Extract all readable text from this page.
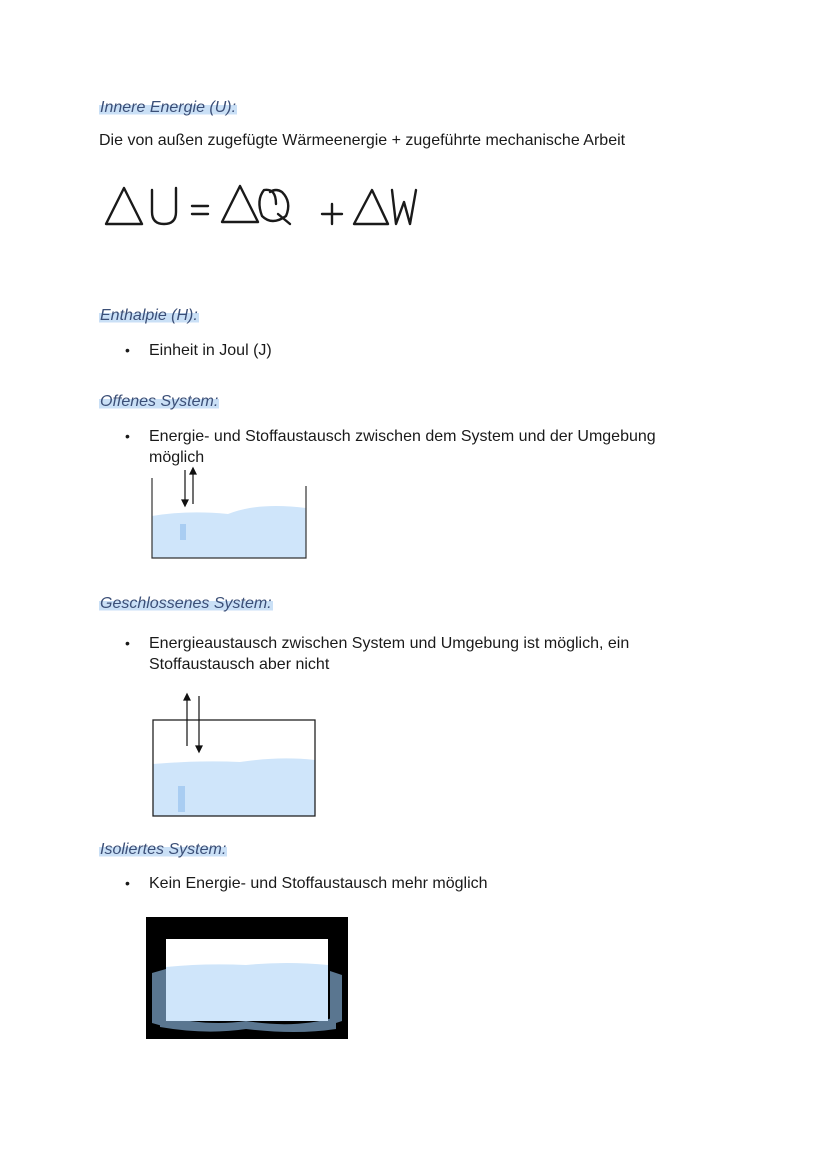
Innere Energie (U):
Die von außen zugefügte Wärmeenergie + zugeführte mechanische Arbeit
Enthalpie (H):
• Einheit in Joul (J)
Offenes System:
• Energie- und Stoffaustausch zwischen dem System und der Umgebung
möglich
Geschlossenes System:
• Energieaustausch zwischen System und Umgebung ist möglich, ein
Stoffaustausch aber nicht
Isoliertes System:
• Kein Energie- und Stoffaustausch mehr möglich
